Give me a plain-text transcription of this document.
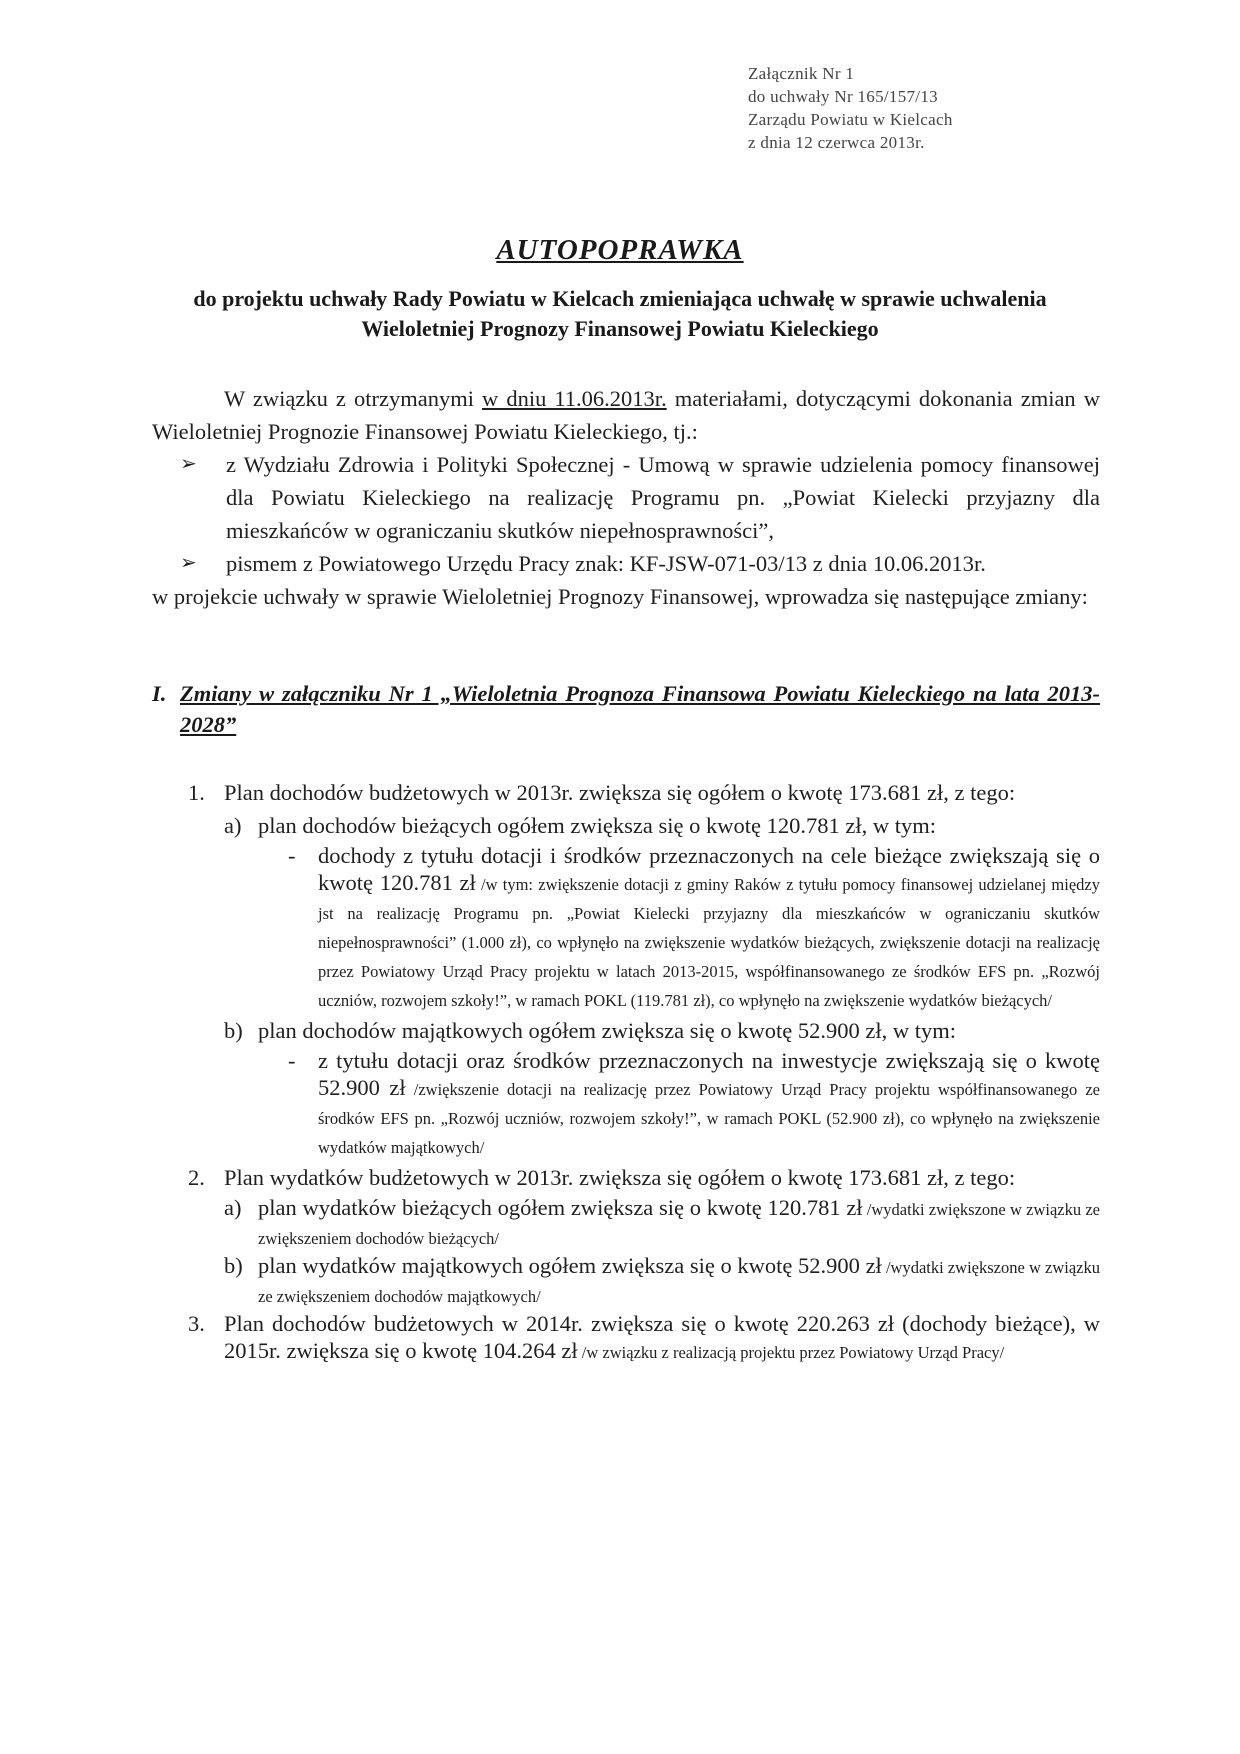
Załącznik Nr 1
do uchwały Nr 165/157/13
Zarządu Powiatu w Kielcach
z dnia 12 czerwca 2013r.
AUTOPOPRAWKA
do projektu uchwały Rady Powiatu w Kielcach zmieniająca uchwałę w sprawie uchwalenia Wieloletniej Prognozy Finansowej Powiatu Kieleckiego

W związku z otrzymanymi w dniu 11.06.2013r. materiałami, dotyczącymi dokonania zmian w Wieloletniej Prognozie Finansowej Powiatu Kieleckiego, tj.:

➢ z Wydziału Zdrowia i Polityki Społecznej - Umową w sprawie udzielenia pomocy finansowej dla Powiatu Kieleckiego na realizację Programu pn. „Powiat Kielecki przyjazny dla mieszkańców w ograniczaniu skutków niepełnosprawności”,
➢ pismem z Powiatowego Urzędu Pracy znak: KF-JSW-071-03/13 z dnia 10.06.2013r.

w projekcie uchwały w sprawie Wieloletniej Prognozy Finansowej, wprowadza się następujące zmiany:

I. Zmiany w załączniku Nr 1 „Wieloletnia Prognoza Finansowa Powiatu Kieleckiego na lata 2013-2028”
1. Plan dochodów budżetowych w 2013r. zwiększa się ogółem o kwotę 173.681 zł, z tego:
a) plan dochodów bieżących ogółem zwiększa się o kwotę 120.781 zł, w tym:
- dochody z tytułu dotacji i środków przeznaczonych na cele bieżące zwiększają się o kwotę 120.781 zł /w tym: zwiększenie dotacji z gminy Raków z tytułu pomocy finansowej udzielanej między jst na realizację Programu pn. „Powiat Kielecki przyjazny dla mieszkańców w ograniczaniu skutków niepełnosprawności” (1.000 zł), co wpłynęło na zwiększenie wydatków bieżących, zwiększenie dotacji na realizację przez Powiatowy Urząd Pracy projektu w latach 2013-2015, współfinansowanego ze środków EFS pn. „Rozwój uczniów, rozwojem szkoły!”, w ramach POKL (119.781 zł), co wpłynęło na zwiększenie wydatków bieżących/
b) plan dochodów majątkowych ogółem zwiększa się o kwotę 52.900 zł, w tym:
- z tytułu dotacji oraz środków przeznaczonych na inwestycje zwiększają się o kwotę 52.900 zł /zwiększenie dotacji na realizację przez Powiatowy Urząd Pracy projektu współfinansowanego ze środków EFS pn. „Rozwój uczniów, rozwojem szkoły!”, w ramach POKL (52.900 zł), co wpłynęło na zwiększenie wydatków majątkowych/
2. Plan wydatków budżetowych w 2013r. zwiększa się ogółem o kwotę 173.681 zł, z tego:
a) plan wydatków bieżących ogółem zwiększa się o kwotę 120.781 zł /wydatki zwiększone w związku ze zwiększeniem dochodów bieżących/
b) plan wydatków majątkowych ogółem zwiększa się o kwotę 52.900 zł /wydatki zwiększone w związku ze zwiększeniem dochodów majątkowych/
3. Plan dochodów budżetowych w 2014r. zwiększa się o kwotę 220.263 zł (dochody bieżące), w 2015r. zwiększa się o kwotę 104.264 zł /w związku z realizacją projektu przez Powiatowy Urząd Pracy/
